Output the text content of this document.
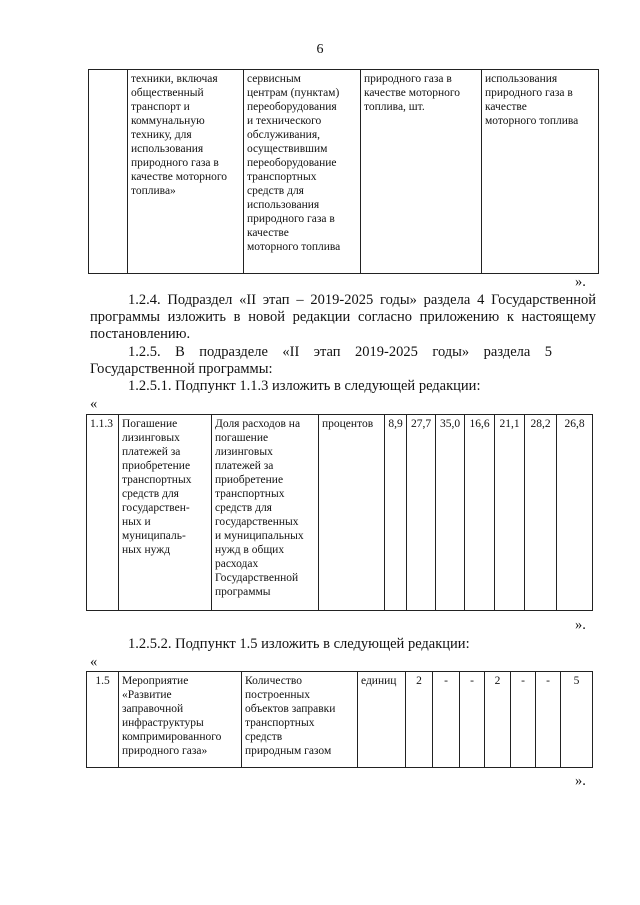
6
	техники, включая
общественный
транспорт и
коммунальную
технику, для
использования
природного газа в
качестве моторного
топлива»	сервисным
центрам (пунктам)
переоборудования
и технического
обслуживания,
осуществившим
переоборудование
транспортных
средств для
использования
природного газа в
качестве
моторного топлива	природного газа в
качестве моторного
топлива, шт.	использования
природного газа в
качестве
моторного топлива
».
1.2.4. Подраздел «II этап – 2019-2025 годы» раздела 4 Государственной программы изложить в новой редакции согласно приложению к настоящему постановлению.
1.2.5.    В    подразделе    «II    этап    2019-2025    годы»    раздела    5
Государственной программы:
1.2.5.1. Подпункт 1.1.3 изложить в следующей редакции:
«
1.1.3	Погашение
лизинговых
платежей за
приобретение
транспортных
средств для
государствен-
ных и
муниципаль-
ных нужд	Доля расходов на
погашение
лизинговых
платежей за
приобретение
транспортных
средств для
государственных
и муниципальных
нужд в общих
расходах
Государственной
программы	процентов	8,9	27,7	35,0	16,6	21,1	28,2	26,8
».
1.2.5.2. Подпункт 1.5 изложить в следующей редакции:
«
1.5	Мероприятие
«Развитие
заправочной
инфраструктуры
компримированного
природного газа»	Количество
построенных
объектов заправки
транспортных
средств
природным газом	единиц	2	-	-	2	-	-	5
».
